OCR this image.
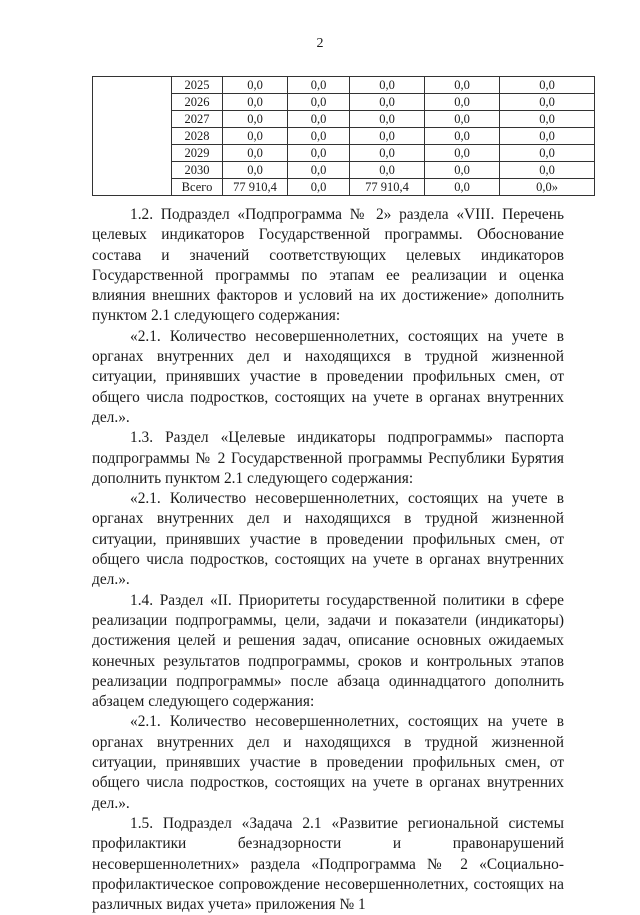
2
	2025	0,0	0,0	0,0	0,0	0,0
	2026	0,0	0,0	0,0	0,0	0,0
	2027	0,0	0,0	0,0	0,0	0,0
	2028	0,0	0,0	0,0	0,0	0,0
	2029	0,0	0,0	0,0	0,0	0,0
	2030	0,0	0,0	0,0	0,0	0,0
	Всего	77 910,4	0,0	77 910,4	0,0	0,0»

1.2. Подраздел «Подпрограмма № 2» раздела «VIII. Перечень целевых индикаторов Государственной программы. Обоснование состава и значений соответствующих целевых индикаторов Государственной программы по этапам ее реализации и оценка влияния внешних факторов и условий на их достижение» дополнить пунктом 2.1 следующего содержания:

«2.1. Количество несовершеннолетних, состоящих на учете в органах внутренних дел и находящихся в трудной жизненной ситуации, принявших участие в проведении профильных смен, от общего числа подростков, состоящих на учете в органах внутренних дел.».

1.3. Раздел «Целевые индикаторы подпрограммы» паспорта подпрограммы № 2 Государственной программы Республики Бурятия дополнить пунктом 2.1 следующего содержания:

«2.1. Количество несовершеннолетних, состоящих на учете в органах внутренних дел и находящихся в трудной жизненной ситуации, принявших участие в проведении профильных смен, от общего числа подростков, состоящих на учете в органах внутренних дел.».

1.4. Раздел «II. Приоритеты государственной политики в сфере реализации подпрограммы, цели, задачи и показатели (индикаторы) достижения целей и решения задач, описание основных ожидаемых конечных результатов подпрограммы, сроков и контрольных этапов реализации подпрограммы» после абзаца одиннадцатого дополнить абзацем следующего содержания:

«2.1. Количество несовершеннолетних, состоящих на учете в органах внутренних дел и находящихся в трудной жизненной ситуации, принявших участие в проведении профильных смен, от общего числа подростков, состоящих на учете в органах внутренних дел.».

1.5. Подраздел «Задача 2.1 «Развитие региональной системы профилактики безнадзорности и правонарушений несовершеннолетних» раздела «Подпрограмма № 2 «Социально-профилактическое сопровождение несовершеннолетних, состоящих на различных видах учета» приложения № 1
